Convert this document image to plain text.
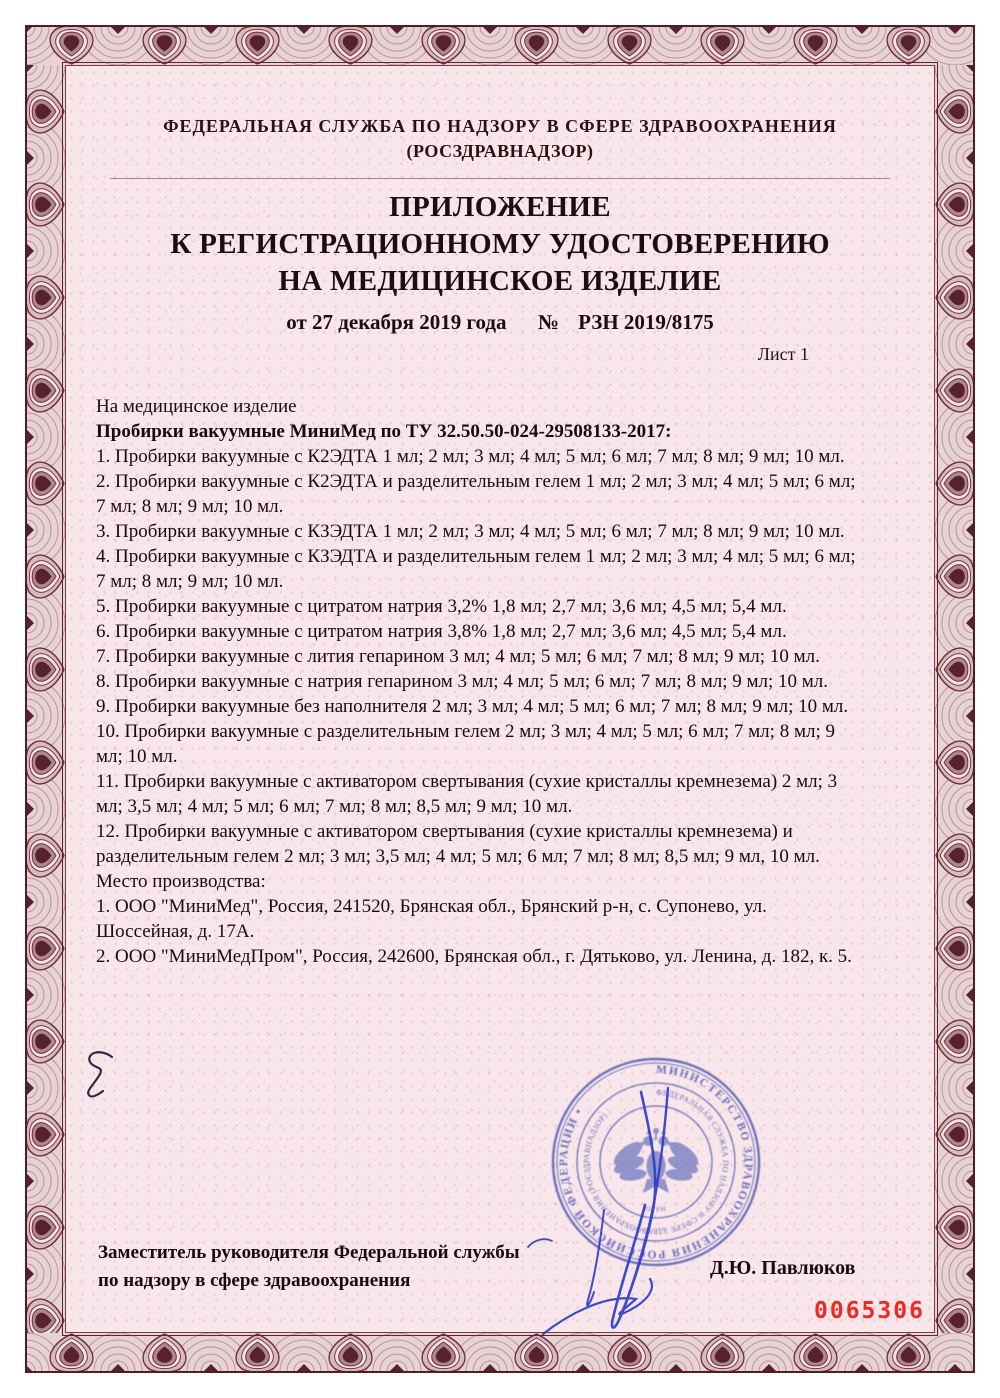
ФЕДЕРАЛЬНАЯ СЛУЖБА ПО НАДЗОРУ В СФЕРЕ ЗДРАВООХРАНЕНИЯ
(РОСЗДРАВНАДЗОР)
ПРИЛОЖЕНИЕ
К РЕГИСТРАЦИОННОМУ УДОСТОВЕРЕНИЮ
НА МЕДИЦИНСКОЕ ИЗДЕЛИЕ
от 27 декабря 2019 года № РЗН 2019/8175
Лист 1

На медицинское изделие

Пробирки вакуумные МиниМед по ТУ 32.50.50-024-29508133-2017:

1. Пробирки вакуумные с К2ЭДТА 1 мл; 2 мл; 3 мл; 4 мл; 5 мл; 6 мл; 7 мл; 8 мл; 9 мл; 10 мл.

2. Пробирки вакуумные с К2ЭДТА и разделительным гелем 1 мл; 2 мл; 3 мл; 4 мл; 5 мл; 6 мл; 7 мл; 8 мл; 9 мл; 10 мл.

3. Пробирки вакуумные с КЗЭДТА 1 мл; 2 мл; 3 мл; 4 мл; 5 мл; 6 мл; 7 мл; 8 мл; 9 мл; 10 мл.

4. Пробирки вакуумные с КЗЭДТА и разделительным гелем 1 мл; 2 мл; 3 мл; 4 мл; 5 мл; 6 мл; 7 мл; 8 мл; 9 мл; 10 мл.

5. Пробирки вакуумные с цитратом натрия 3,2% 1,8 мл; 2,7 мл; 3,6 мл; 4,5 мл; 5,4 мл.

6. Пробирки вакуумные с цитратом натрия 3,8% 1,8 мл; 2,7 мл; 3,6 мл; 4,5 мл; 5,4 мл.

7. Пробирки вакуумные с лития гепарином 3 мл; 4 мл; 5 мл; 6 мл; 7 мл; 8 мл; 9 мл; 10 мл.

8. Пробирки вакуумные с натрия гепарином 3 мл; 4 мл; 5 мл; 6 мл; 7 мл; 8 мл; 9 мл; 10 мл.

9. Пробирки вакуумные без наполнителя 2 мл; 3 мл; 4 мл; 5 мл; 6 мл; 7 мл; 8 мл; 9 мл; 10 мл.

10. Пробирки вакуумные с разделительным гелем 2 мл; 3 мл; 4 мл; 5 мл; 6 мл; 7 мл; 8 мл; 9 мл; 10 мл.

11. Пробирки вакуумные с активатором свертывания (сухие кристаллы кремнезема) 2 мл; 3 мл; 3,5 мл; 4 мл; 5 мл; 6 мл; 7 мл; 8 мл; 8,5 мл; 9 мл; 10 мл.

12. Пробирки вакуумные с активатором свертывания (сухие кристаллы кремнезема) и разделительным гелем 2 мл; 3 мл; 3,5 мл; 4 мл; 5 мл; 6 мл; 7 мл; 8 мл; 8,5 мл; 9 мл, 10 мл.

Место производства:

1. ООО "МиниМед", Россия, 241520, Брянская обл., Брянский р-н, с. Супонево, ул. Шоссейная, д. 17А.

2. ООО "МиниМедПром", Россия, 242600, Брянская обл., г. Дятьково, ул. Ленина, д. 182, к. 5.

Заместитель руководителя Федеральной службы
по надзору в сфере здравоохранения
Д.Ю. Павлюков
0065306
МИНИСТЕРСТВО ЗДРАВООХРАНЕНИЯ РОССИЙСКОЙ ФЕДЕРАЦИИ •
ФЕДЕРАЛЬНАЯ СЛУЖБА ПО НАДЗОРУ В СФЕРЕ ЗДРАВООХРАНЕНИЯ (РОСЗДРАВНАДЗОР)
ОГРН
